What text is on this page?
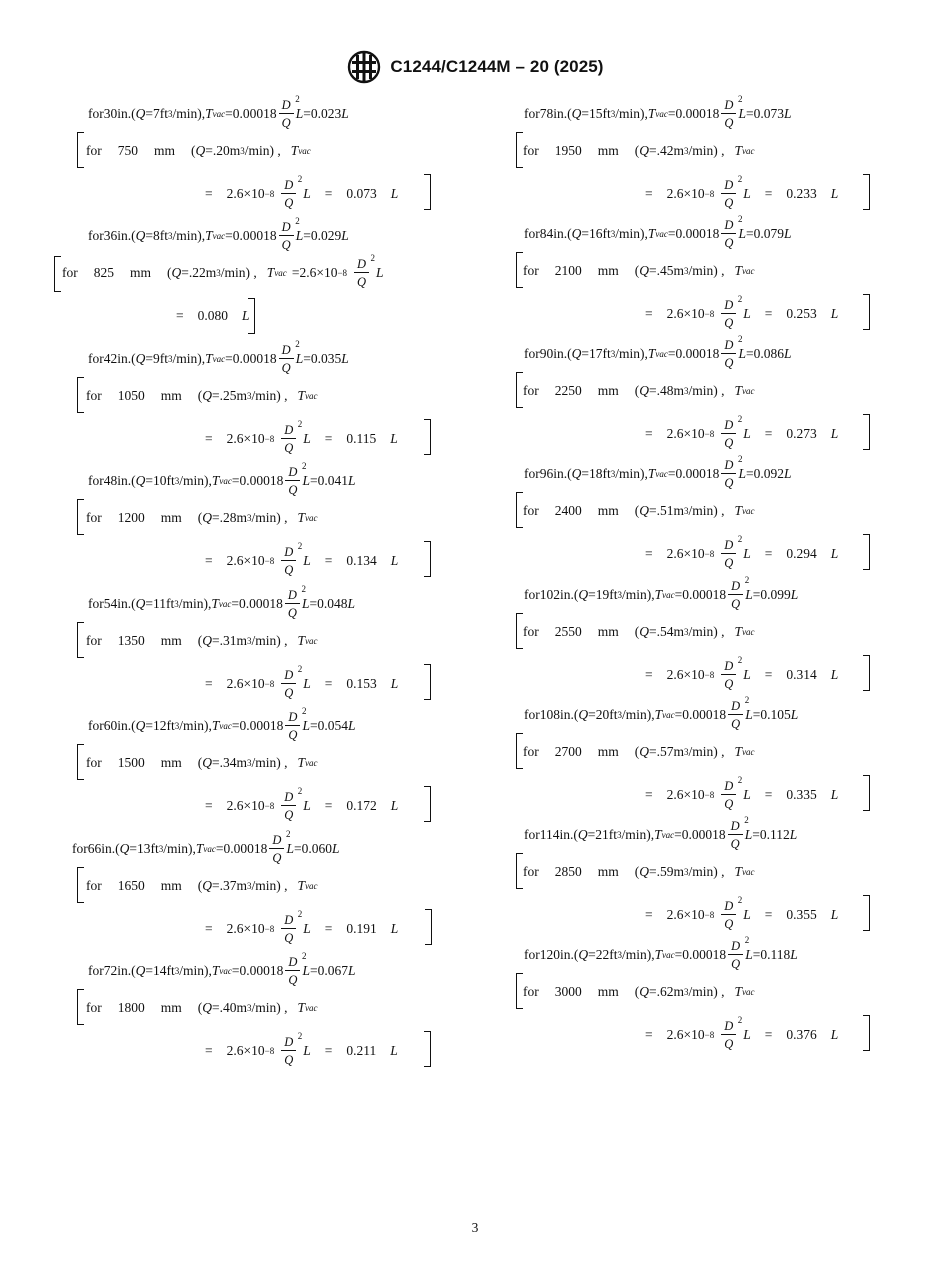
C1244/C1244M – 20 (2025)
for 30 in. ( Q = 7 ft 3 /min ), T vac = $0.00018 \frac{D 2}{Q}$ L = 0.023 L
for 750 mm ( Q = .20 m 3 /min ) , T vac
= $2.6 \times 10 -8 \frac{D 2}{Q}$ L = 0.073 L
for 36 in. ( Q = 8 ft 3 /min ), T vac = $0.00018 \frac{D 2}{Q}$ L = 0.029 L
for 825 mm ( Q = .22 m 3 /min ) , T vac = $2.6 \times 10 -8 \frac{D 2}{Q}$ L
= 0.080 L
for 42 in. ( Q = 9 ft 3 /min ), T vac = $0.00018 \frac{D 2}{Q}$ L = 0.035 L
for 1050 mm ( Q = .25 m 3 /min ) , T vac
= $2.6 \times 10 -8 \frac{D 2}{Q}$ L = 0.115 L
for 48 in. ( Q = 10 ft 3 /min ), T vac = $0.00018 \frac{D 2}{Q}$ L = 0.041 L
for 1200 mm ( Q = .28 m 3 /min ) , T vac
= $2.6 \times 10 -8 \frac{D 2}{Q}$ L = 0.134 L
for 54 in. ( Q = 11 ft 3 /min ), T vac = $0.00018 \frac{D 2}{Q}$ L = 0.048 L
for 1350 mm ( Q = .31 m 3 /min ) , T vac
= $2.6 \times 10 -8 \frac{D 2}{Q}$ L = 0.153 L
for 60 in. ( Q = 12 ft 3 /min ), T vac = $0.00018 \frac{D 2}{Q}$ L = 0.054 L
for 1500 mm ( Q = .34 m 3 /min ) , T vac
= $2.6 \times 10 -8 \frac{D 2}{Q}$ L = 0.172 L
for 66 in. ( Q = 13 ft 3 /min ), T vac = $0.00018 \frac{D 2}{Q}$ L = 0.060 L
for 1650 mm ( Q = .37 m 3 /min ) , T vac
= $2.6 \times 10 -8 \frac{D 2}{Q}$ L = 0.191 L
for 72 in. ( Q = 14 ft 3 /min ), T vac = $0.00018 \frac{D 2}{Q}$ L = 0.067 L
for 1800 mm ( Q = .40 m 3 /min ) , T vac
= $2.6 \times 10 -8 \frac{D 2}{Q}$ L = 0.211 L
for 78 in. ( Q = 15 ft 3 /min ), T vac = $0.00018 \frac{D 2}{Q}$ L = 0.073 L
for 1950 mm ( Q = .42 m 3 /min ) , T vac
= $2.6 \times 10 -8 \frac{D 2}{Q}$ L = 0.233 L
for 84 in. ( Q = 16 ft 3 /min ), T vac = $0.00018 \frac{D 2}{Q}$ L = 0.079 L
for 2100 mm ( Q = .45 m 3 /min ) , T vac
= $2.6 \times 10 -8 \frac{D 2}{Q}$ L = 0.253 L
for 90 in. ( Q = 17 ft 3 /min ), T vac = $0.00018 \frac{D 2}{Q}$ L = 0.086 L
for 2250 mm ( Q = .48 m 3 /min ) , T vac
= $2.6 \times 10 -8 \frac{D 2}{Q}$ L = 0.273 L
for 96 in. ( Q = 18 ft 3 /min ), T vac = $0.00018 \frac{D 2}{Q}$ L = 0.092 L
for 2400 mm ( Q = .51 m 3 /min ) , T vac
= $2.6 \times 10 -8 \frac{D 2}{Q}$ L = 0.294 L
for 102 in. ( Q = 19 ft 3 /min ), T vac = $0.00018 \frac{D 2}{Q}$ L = 0.099 L
for 2550 mm ( Q = .54 m 3 /min ) , T vac
= $2.6 \times 10 -8 \frac{D 2}{Q}$ L = 0.314 L
for 108 in. ( Q = 20 ft 3 /min ), T vac = $0.00018 \frac{D 2}{Q}$ L = 0.105 L
for 2700 mm ( Q = .57 m 3 /min ) , T vac
= $2.6 \times 10 -8 \frac{D 2}{Q}$ L = 0.335 L
for 114 in. ( Q = 21 ft 3 /min ), T vac = $0.00018 \frac{D 2}{Q}$ L = 0.112 L
for 2850 mm ( Q = .59 m 3 /min ) , T vac
= $2.6 \times 10 -8 \frac{D 2}{Q}$ L = 0.355 L
for 120 in. ( Q = 22 ft 3 /min ), T vac = $0.00018 \frac{D 2}{Q}$ L = 0.118 L
for 3000 mm ( Q = .62 m 3 /min ) , T vac
= $2.6 \times 10 -8 \frac{D 2}{Q}$ L = 0.376 L
3
